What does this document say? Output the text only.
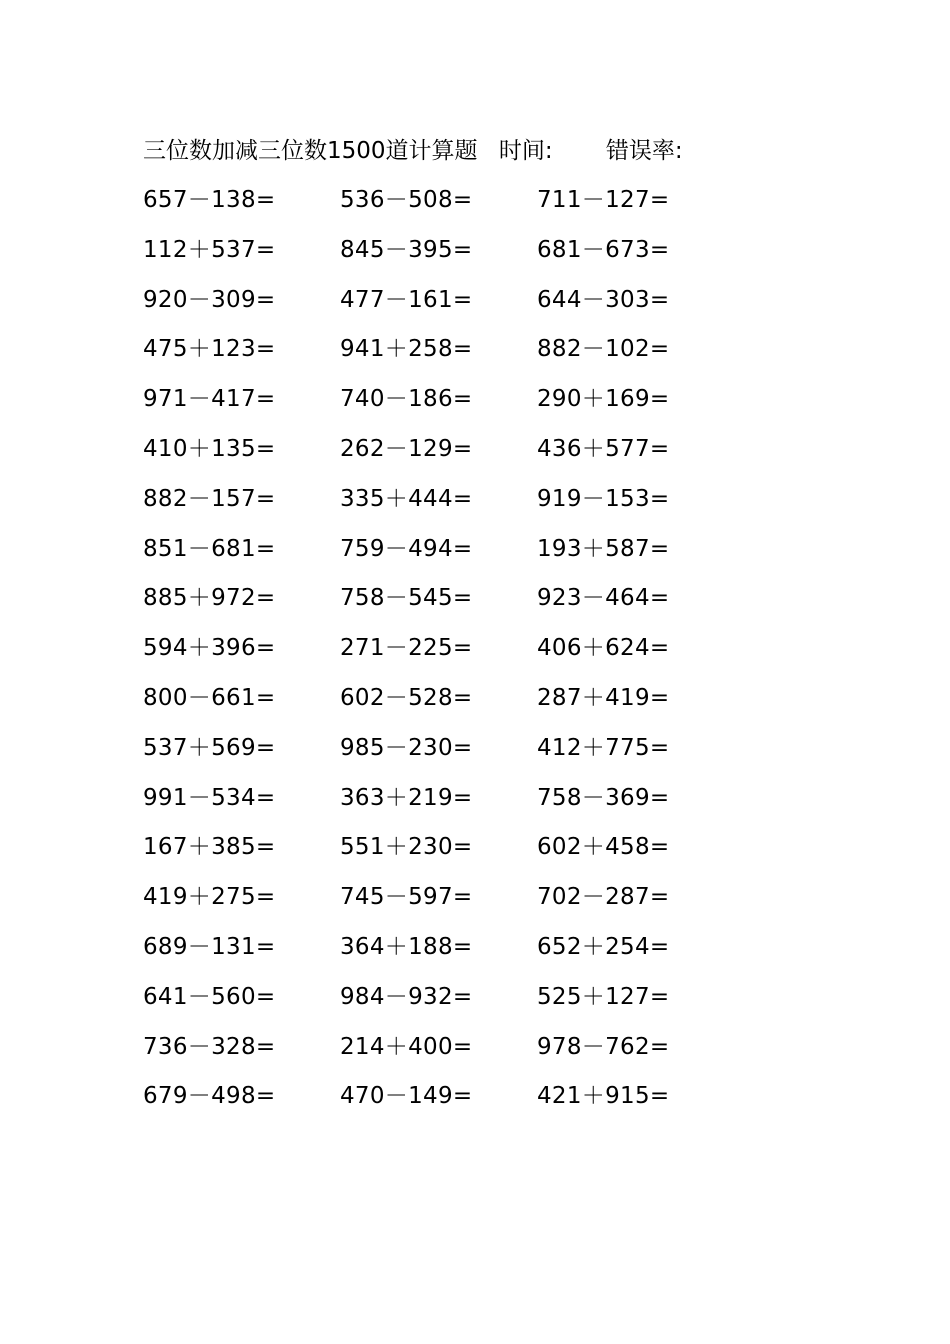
三位数加减三位数1500道计算题 时间: 错误率:
657－138=	536－508=	711－127=
112＋537=	845－395=	681－673=
920－309=	477－161=	644－303=
475＋123=	941＋258=	882－102=
971－417=	740－186=	290＋169=
410＋135=	262－129=	436＋577=
882－157=	335＋444=	919－153=
851－681=	759－494=	193＋587=
885＋972=	758－545=	923－464=
594＋396=	271－225=	406＋624=
800－661=	602－528=	287＋419=
537＋569=	985－230=	412＋775=
991－534=	363＋219=	758－369=
167＋385=	551＋230=	602＋458=
419＋275=	745－597=	702－287=
689－131=	364＋188=	652＋254=
641－560=	984－932=	525＋127=
736－328=	214＋400=	978－762=
679－498=	470－149=	421＋915=
